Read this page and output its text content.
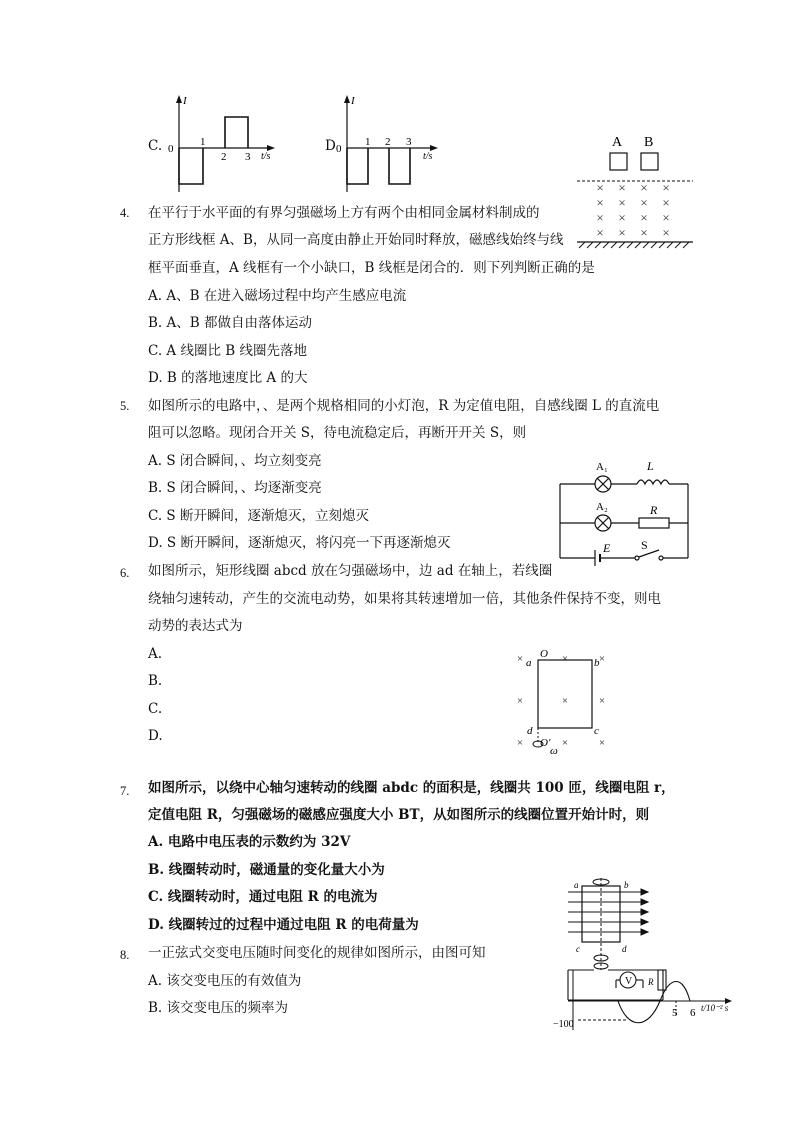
C.
I
0
1
2 3 t/s
D
I
0
1 2 3
t/s
A B
× × × ×
× × × ×
× × × ×
× × × ×
4. 在平行于水平面的有界匀强磁场上方有两个由相同金属材料制成的
正方形线框 A、B，从同一高度由静止开始同时释放，磁感线始终与线
框平面垂直，A 线框有一个小缺口，B 线框是闭合的．则下列判断正确的是
A. A、B 在进入磁场过程中均产生感应电流
B. A、B 都做自由落体运动
C. A 线圈比 B 线圈先落地
D. B 的落地速度比 A 的大
5. 如图所示的电路中，、是两个规格相同的小灯泡，R 为定值电阻，自感线圈 L 的直流电
阻可以忽略。现闭合开关 S，待电流稳定后，再断开开关 S，则
A. S 闭合瞬间，、均立刻变亮
B. S 闭合瞬间，、均逐渐变亮
C. S 断开瞬间，逐渐熄灭，立刻熄灭
D. S 断开瞬间，逐渐熄灭，将闪亮一下再逐渐熄灭
A₁	L
A₂	R
E	S
6. 如图所示，矩形线圈 abcd 放在匀强磁场中，边 ad 在轴上，若线圈
绕轴匀速转动，产生的交流电动势，如果将其转速增加一倍，其他条件保持不变，则电
动势的表达式为
A.
B.
C.
D.
×	×	×
×	×	×
×	×	×
O
a	b
c
d
O′
ω
7. 如图所示，以绕中心轴匀速转动的线圈 abdc 的面积是，线圈共 100 匝，线圈电阻 r，
定值电阻 R，匀强磁场的磁感应强度大小 BT，从如图所示的线圈位置开始计时，则
A. 电路中电压表的示数约为 32V
B. 线圈转动时，磁通量的变化量大小为
C. 线圈转动时，通过电阻 R 的电流为
D. 线圈转过的过程中通过电阻 R 的电荷量为
8. 一正弦式交变电压随时间变化的规律如图所示，由图可知
A. 该交变电压的有效值为
B. 该交变电压的频率为
a	b
c	d
V R
5 6 t/10⁻² s
−100
